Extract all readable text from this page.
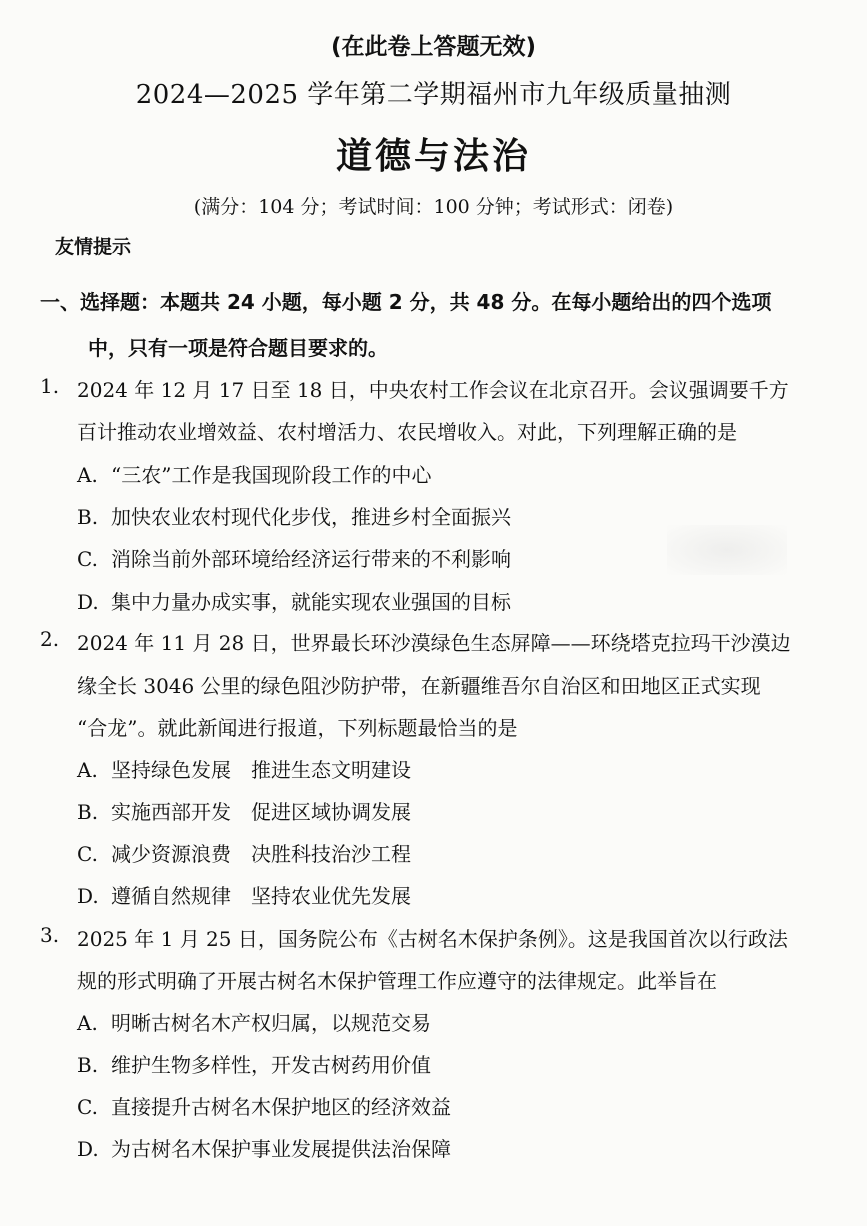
(在此卷上答题无效)
2024—2025 学年第二学期福州市九年级质量抽测
道德与法治
(满分：104 分；考试时间：100 分钟；考试形式：闭卷)
友情提示
一、选择题：本题共 24 小题，每小题 2 分，共 48 分。在每小题给出的四个选项
中，只有一项是符合题目要求的。
1. 2024 年 12 月 17 日至 18 日，中央农村工作会议在北京召开。会议强调要千方
百计推动农业增效益、农村增活力、农民增收入。对此，下列理解正确的是
A. “三农”工作是我国现阶段工作的中心
B. 加快农业农村现代化步伐，推进乡村全面振兴
C. 消除当前外部环境给经济运行带来的不利影响
D. 集中力量办成实事，就能实现农业强国的目标
2. 2024 年 11 月 28 日，世界最长环沙漠绿色生态屏障——环绕塔克拉玛干沙漠边
缘全长 3046 公里的绿色阻沙防护带，在新疆维吾尔自治区和田地区正式实现
“合龙”。就此新闻进行报道，下列标题最恰当的是
A. 坚持绿色发展　推进生态文明建设
B. 实施西部开发　促进区域协调发展
C. 减少资源浪费　决胜科技治沙工程
D. 遵循自然规律　坚持农业优先发展
3. 2025 年 1 月 25 日，国务院公布《古树名木保护条例》。这是我国首次以行政法
规的形式明确了开展古树名木保护管理工作应遵守的法律规定。此举旨在
A. 明晰古树名木产权归属，以规范交易
B. 维护生物多样性，开发古树药用价值
C. 直接提升古树名木保护地区的经济效益
D. 为古树名木保护事业发展提供法治保障
